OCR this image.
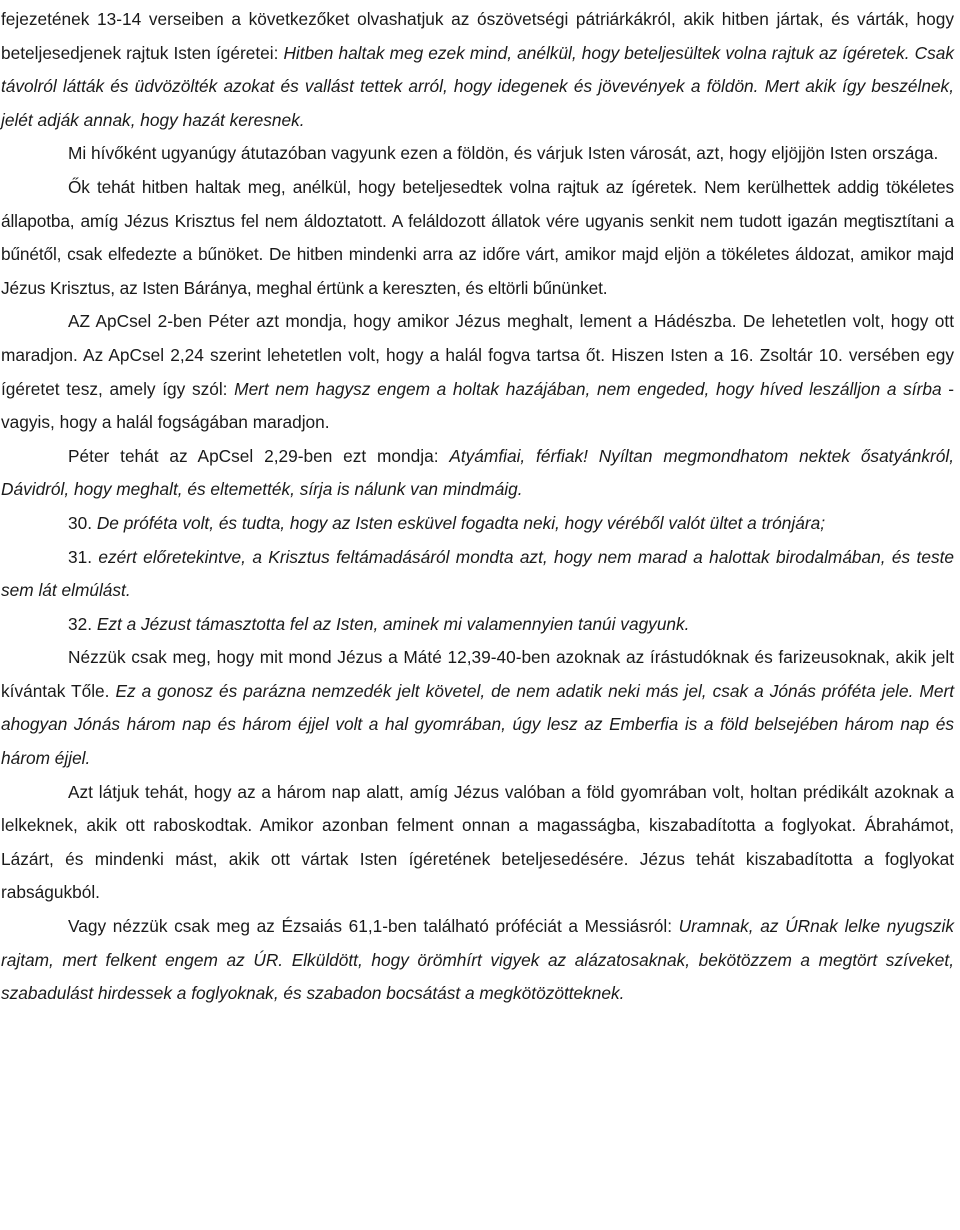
fejezetének 13-14 verseiben a következőket olvashatjuk az ószövetségi pátriárkákról, akik hitben jártak, és várták, hogy beteljesedjenek rajtuk Isten ígéretei: Hitben haltak meg ezek mind, anélkül, hogy beteljesültek volna rajtuk az ígéretek. Csak távolról látták és üdvözölték azokat és vallást tettek arról, hogy idegenek és jövevények a földön. Mert akik így beszélnek, jelét adják annak, hogy hazát keresnek.

Mi hívőként ugyanúgy átutazóban vagyunk ezen a földön, és várjuk Isten városát, azt, hogy eljöjjön Isten országa.

Ők tehát hitben haltak meg, anélkül, hogy beteljesedtek volna rajtuk az ígéretek. Nem kerülhettek addig tökéletes állapotba, amíg Jézus Krisztus fel nem áldoztatott. A feláldozott állatok vére ugyanis senkit nem tudott igazán megtisztítani a bűnétől, csak elfedezte a bűnöket. De hitben mindenki arra az időre várt, amikor majd eljön a tökéletes áldozat, amikor majd Jézus Krisztus, az Isten Báránya, meghal értünk a kereszten, és eltörli bűnünket.

AZ ApCsel 2-ben Péter azt mondja, hogy amikor Jézus meghalt, lement a Hádészba. De lehetetlen volt, hogy ott maradjon. Az ApCsel 2,24 szerint lehetetlen volt, hogy a halál fogva tartsa őt. Hiszen Isten a 16. Zsoltár 10. versében egy ígéretet tesz, amely így szól: Mert nem hagysz engem a holtak hazájában, nem engeded, hogy híved leszálljon a sírba - vagyis, hogy a halál fogságában maradjon.

Péter tehát az ApCsel 2,29-ben ezt mondja: Atyámfiai, férfiak! Nyíltan megmondhatom nektek ősatyánkról, Dávidról, hogy meghalt, és eltemették, sírja is nálunk van mindmáig.

30. De próféta volt, és tudta, hogy az Isten esküvel fogadta neki, hogy véréből valót ültet a trónjára;

31. ezért előretekintve, a Krisztus feltámadásáról mondta azt, hogy nem marad a halottak birodalmában, és teste sem lát elmúlást.

32. Ezt a Jézust támasztotta fel az Isten, aminek mi valamennyien tanúi vagyunk.

Nézzük csak meg, hogy mit mond Jézus a Máté 12,39-40-ben azoknak az írástudóknak és farizeusoknak, akik jelt kívántak Tőle. Ez a gonosz és parázna nemzedék jelt követel, de nem adatik neki más jel, csak a Jónás próféta jele. Mert ahogyan Jónás három nap és három éjjel volt a hal gyomrában, úgy lesz az Emberfia is a föld belsejében három nap és három éjjel.

Azt látjuk tehát, hogy az a három nap alatt, amíg Jézus valóban a föld gyomrában volt, holtan prédikált azoknak a lelkeknek, akik ott raboskodtak. Amikor azonban felment onnan a magasságba, kiszabadította a foglyokat. Ábrahámot, Lázárt, és mindenki mást, akik ott vártak Isten ígéretének beteljesedésére. Jézus tehát kiszabadította a foglyokat rabságukból.

Vagy nézzük csak meg az Ézsaiás 61,1-ben található próféciát a Messiásról: Uramnak, az ÚRnak lelke nyugszik rajtam, mert felkent engem az ÚR. Elküldött, hogy örömhírt vigyek az alázatosaknak, bekötözzem a megtört szíveket, szabadulást hirdessek a foglyoknak, és szabadon bocsátást a megkötözötteknek.
